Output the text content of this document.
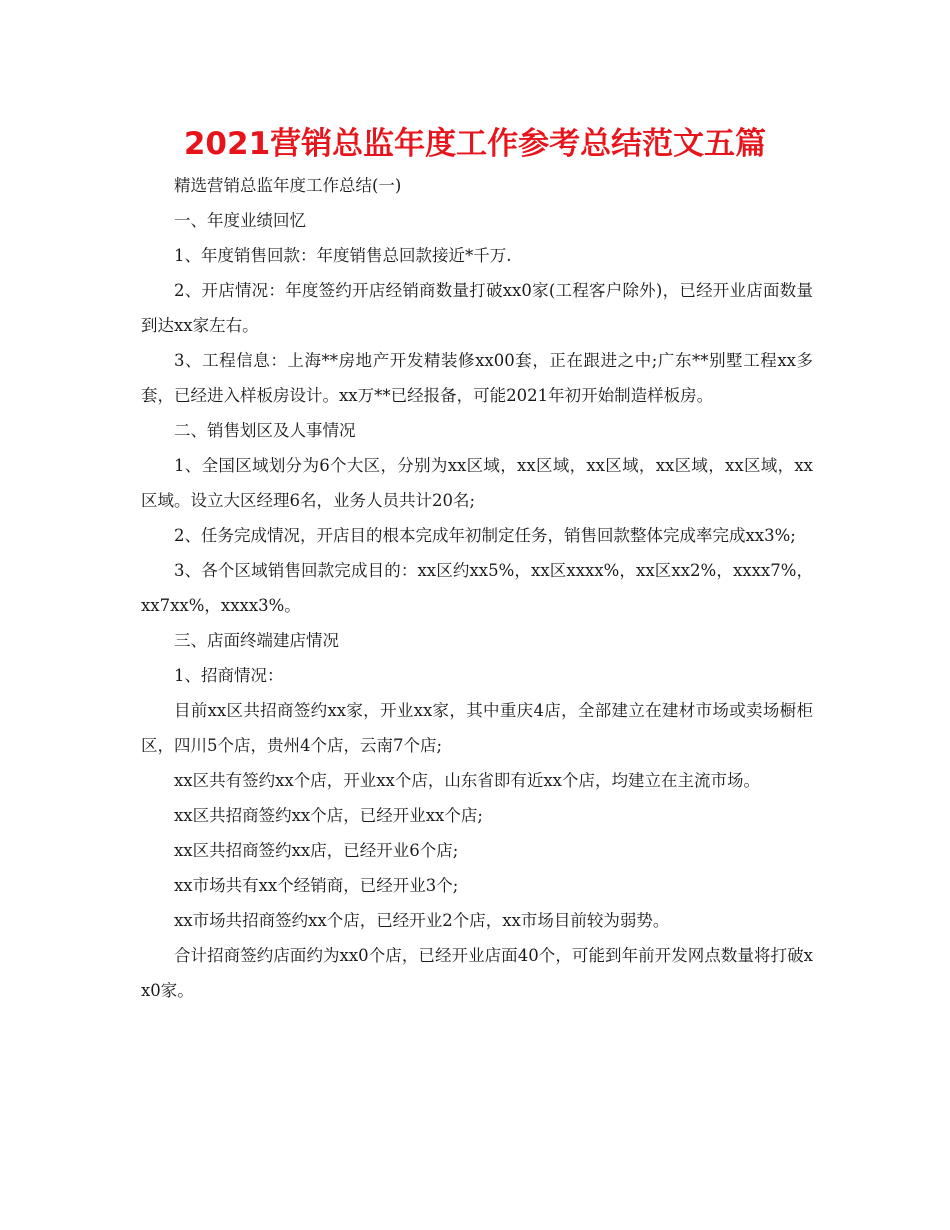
2021营销总监年度工作参考总结范文五篇

精选营销总监年度工作总结(一)

一、年度业绩回忆

1、年度销售回款：年度销售总回款接近*千万.

2、开店情况：年度签约开店经销商数量打破xx0家(工程客户除外)，已经开业店面数量到达xx家左右。

3、工程信息：上海**房地产开发精装修xx00套，正在跟进之中;广东**别墅工程xx多套，已经进入样板房设计。xx万**已经报备，可能2021年初开始制造样板房。

二、销售划区及人事情况

1、全国区域划分为6个大区，分别为xx区域，xx区域，xx区域，xx区域，xx区域，xx区域。设立大区经理6名，业务人员共计20名;

2、任务完成情况，开店目的根本完成年初制定任务，销售回款整体完成率完成xx3%;

3、各个区域销售回款完成目的：xx区约xx5%，xx区xxxx%，xx区xx2%，xxxx7%，xx7xx%，xxxx3%。

三、店面终端建店情况

1、招商情况：

目前xx区共招商签约xx家，开业xx家，其中重庆4店，全部建立在建材市场或卖场橱柜区，四川5个店，贵州4个店，云南7个店;

xx区共有签约xx个店，开业xx个店，山东省即有近xx个店，均建立在主流市场。

xx区共招商签约xx个店，已经开业xx个店;

xx区共招商签约xx店，已经开业6个店;

xx市场共有xx个经销商，已经开业3个;

xx市场共招商签约xx个店，已经开业2个店，xx市场目前较为弱势。

合计招商签约店面约为xx0个店，已经开业店面40个，可能到年前开发网点数量将打破xx0家。
